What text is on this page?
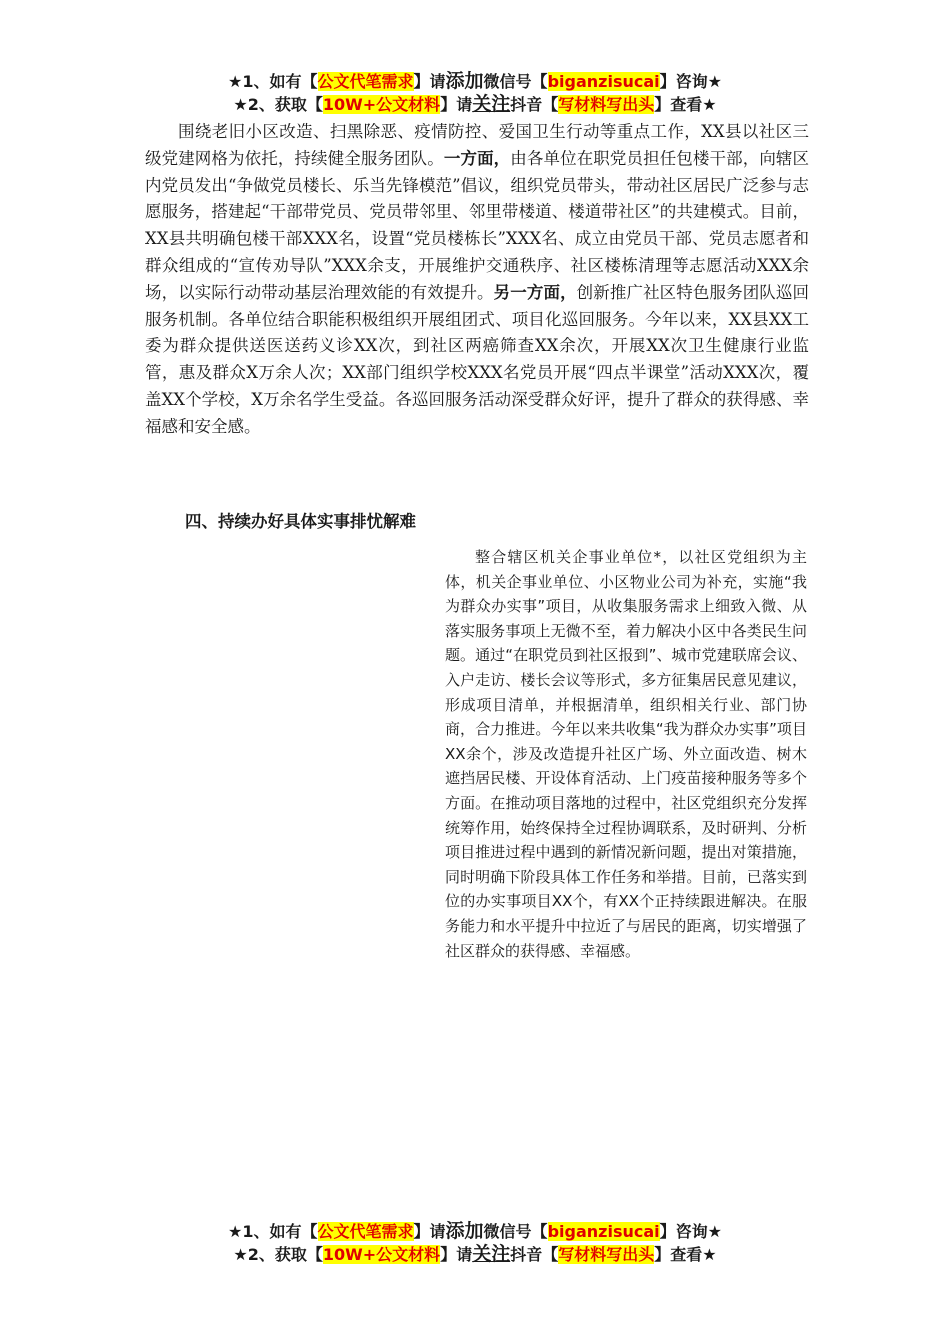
★1、如有【公文代笔需求】请添加微信号【biganzisucai】咨询★
★2、获取【10W+公文材料】请关注抖音【写材料写出头】查看★

围绕老旧小区改造、扫黑除恶、疫情防控、爱国卫生行动等重点工作，XX县以社区三级党建网格为依托，持续健全服务团队。一方面，由各单位在职党员担任包楼干部，向辖区内党员发出“争做党员楼长、乐当先锋模范”倡议，组织党员带头，带动社区居民广泛参与志愿服务，搭建起“干部带党员、党员带邻里、邻里带楼道、楼道带社区”的共建模式。目前，XX县共明确包楼干部XXX名，设置“党员楼栋长”XXX名、成立由党员干部、党员志愿者和群众组成的“宣传劝导队”XXX余支，开展维护交通秩序、社区楼栋清理等志愿活动XXX余场，以实际行动带动基层治理效能的有效提升。另一方面，创新推广社区特色服务团队巡回服务机制。各单位结合职能积极组织开展组团式、项目化巡回服务。今年以来，XX县XX工委为群众提供送医送药义诊XX次，到社区两癌筛查XX余次，开展XX次卫生健康行业监管，惠及群众X万余人次；XX部门组织学校XXX名党员开展“四点半课堂”活动XXX次，覆盖XX个学校，X万余名学生受益。各巡回服务活动深受群众好评，提升了群众的获得感、幸福感和安全感。

四、持续办好具体实事排忧解难

整合辖区机关企事业单位*，以社区党组织为主体，机关企事业单位、小区物业公司为补充，实施“我为群众办实事”项目，从收集服务需求上细致入微、从落实服务事项上无微不至，着力解决小区中各类民生问题。通过“在职党员到社区报到”、城市党建联席会议、入户走访、楼长会议等形式，多方征集居民意见建议，形成项目清单，并根据清单，组织相关行业、部门协商，合力推进。今年以来共收集“我为群众办实事”项目XX余个，涉及改造提升社区广场、外立面改造、树木遮挡居民楼、开设体育活动、上门疫苗接种服务等多个方面。在推动项目落地的过程中，社区党组织充分发挥统筹作用，始终保持全过程协调联系，及时研判、分析项目推进过程中遇到的新情况新问题，提出对策措施，同时明确下阶段具体工作任务和举措。目前，已落实到位的办实事项目XX个，有XX个正持续跟进解决。在服务能力和水平提升中拉近了与居民的距离，切实增强了社区群众的获得感、幸福感。

★1、如有【公文代笔需求】请添加微信号【biganzisucai】咨询★
★2、获取【10W+公文材料】请关注抖音【写材料写出头】查看★
